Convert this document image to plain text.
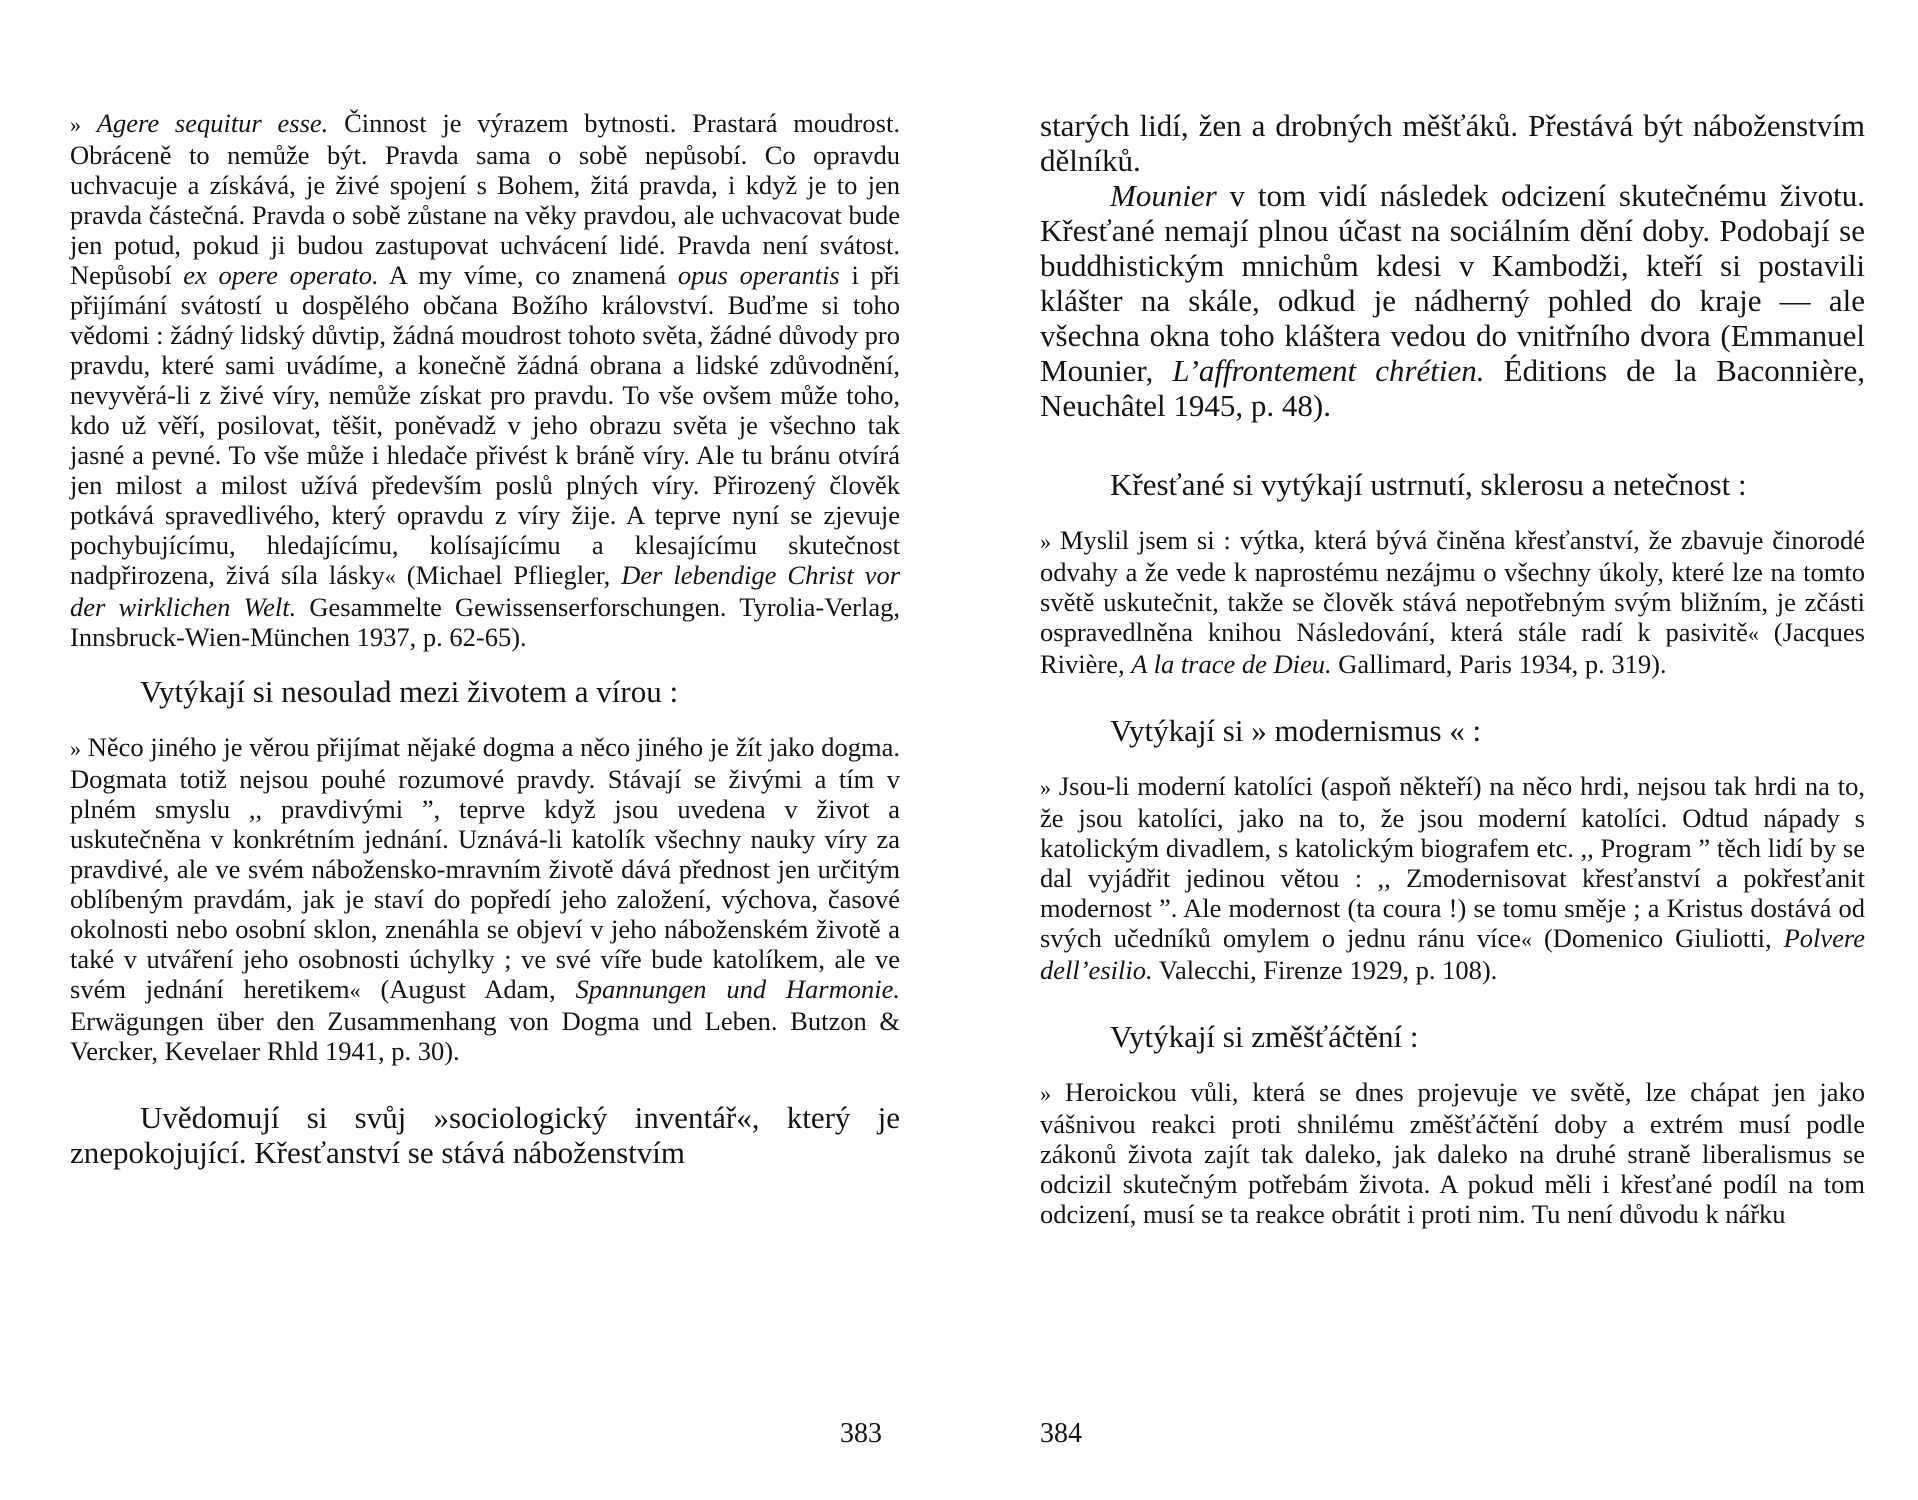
» Agere sequitur esse. Činnost je výrazem bytnosti. Prastará moudrost. Obráceně to nemůže být. Pravda sama o sobě nepůsobí. Co opravdu uchvacuje a získává, je živé spojení s Bohem, žitá pravda, i když je to jen pravda částečná. Pravda o sobě zůstane na věky pravdou, ale uchvacovat bude jen potud, pokud ji budou zastupovat uchvácení lidé. Pravda není svátost. Nepůsobí ex opere operato. A my víme, co znamená opus operantis i při přijímání svátostí u dospělého občana Božího království. Buďme si toho vědomi : žádný lidský důvtip, žádná moudrost tohoto světa, žádné důvody pro pravdu, které sami uvádíme, a konečně žádná obrana a lidské zdůvodnění, nevyvěrá-li z živé víry, nemůže získat pro pravdu. To vše ovšem může toho, kdo už věří, posilovat, těšit, poněvadž v jeho obrazu světa je všechno tak jasné a pevné. To vše může i hledače přivést k bráně víry. Ale tu bránu otvírá jen milost a milost užívá především poslů plných víry. Přirozený člověk potkává spravedlivého, který opravdu z víry žije. A teprve nyní se zjevuje pochybujícímu, hledajícímu, kolísajícímu a klesajícímu skutečnost nadpřirozena, živá síla lásky« (Michael Pfliegler, Der lebendige Christ vor der wirklichen Welt. Gesammelte Gewissenserforschungen. Tyrolia-Verlag, Innsbruck-Wien-München 1937, p. 62-65).

Vytýkají si nesoulad mezi životem a vírou :

» Něco jiného je věrou přijímat nějaké dogma a něco jiného je žít jako dogma. Dogmata totiž nejsou pouhé rozumové pravdy. Stávají se živými a tím v plném smyslu ,, pravdivými ”, teprve když jsou uvedena v život a uskutečněna v konkrétním jednání. Uznává-li katolík všechny nauky víry za pravdivé, ale ve svém nábožensko-mravním životě dává přednost jen určitým oblíbeným pravdám, jak je staví do popředí jeho založení, výchova, časové okolnosti nebo osobní sklon, znenáhla se objeví v jeho náboženském životě a také v utváření jeho osobnosti úchylky ; ve své víře bude katolíkem, ale ve svém jednání heretikem« (August Adam, Spannungen und Harmonie. Erwägungen über den Zusammenhang von Dogma und Leben. Butzon & Vercker, Kevelaer Rhld 1941, p. 30).

Uvědomují si svůj »sociologický inventář«, který je znepokojující. Křesťanství se stává náboženstvím

383

starých lidí, žen a drobných měšťáků. Přestává být náboženstvím dělníků.

Mounier v tom vidí následek odcizení skutečnému životu. Křesťané nemají plnou účast na sociálním dění doby. Podobají se buddhistickým mnichům kdesi v Kambodži, kteří si postavili klášter na skále, odkud je nádherný pohled do kraje — ale všechna okna toho kláštera vedou do vnitřního dvora (Emmanuel Mounier, L’affrontement chrétien. Éditions de la Baconnière, Neuchâtel 1945, p. 48).

Křesťané si vytýkají ustrnutí, sklerosu a netečnost :

» Myslil jsem si : výtka, která bývá činěna křesťanství, že zbavuje činorodé odvahy a že vede k naprostému nezájmu o všechny úkoly, které lze na tomto světě uskutečnit, takže se člověk stává nepotřebným svým bližním, je zčásti ospravedlněna knihou Následování, která stále radí k pasivitě« (Jacques Rivière, A la trace de Dieu. Gallimard, Paris 1934, p. 319).

Vytýkají si » modernismus « :

» Jsou-li moderní katolíci (aspoň někteří) na něco hrdi, nejsou tak hrdi na to, že jsou katolíci, jako na to, že jsou moderní katolíci. Odtud nápady s katolickým divadlem, s katolickým biografem etc. ,, Program ” těch lidí by se dal vyjádřit jedinou větou : ,, Zmodernisovat křesťanství a pokřesťanit modernost ”. Ale modernost (ta coura !) se tomu směje ; a Kristus dostává od svých učedníků omylem o jednu ránu více« (Domenico Giuliotti, Polvere dell’esilio. Valecchi, Firenze 1929, p. 108).

Vytýkají si změšťáčtění :

» Heroickou vůli, která se dnes projevuje ve světě, lze chápat jen jako vášnivou reakci proti shnilému změšťáčtění doby a extrém musí podle zákonů života zajít tak daleko, jak daleko na druhé straně liberalismus se odcizil skutečným potřebám života. A pokud měli i křesťané podíl na tom odcizení, musí se ta reakce obrátit i proti nim. Tu není důvodu k nářku

384
